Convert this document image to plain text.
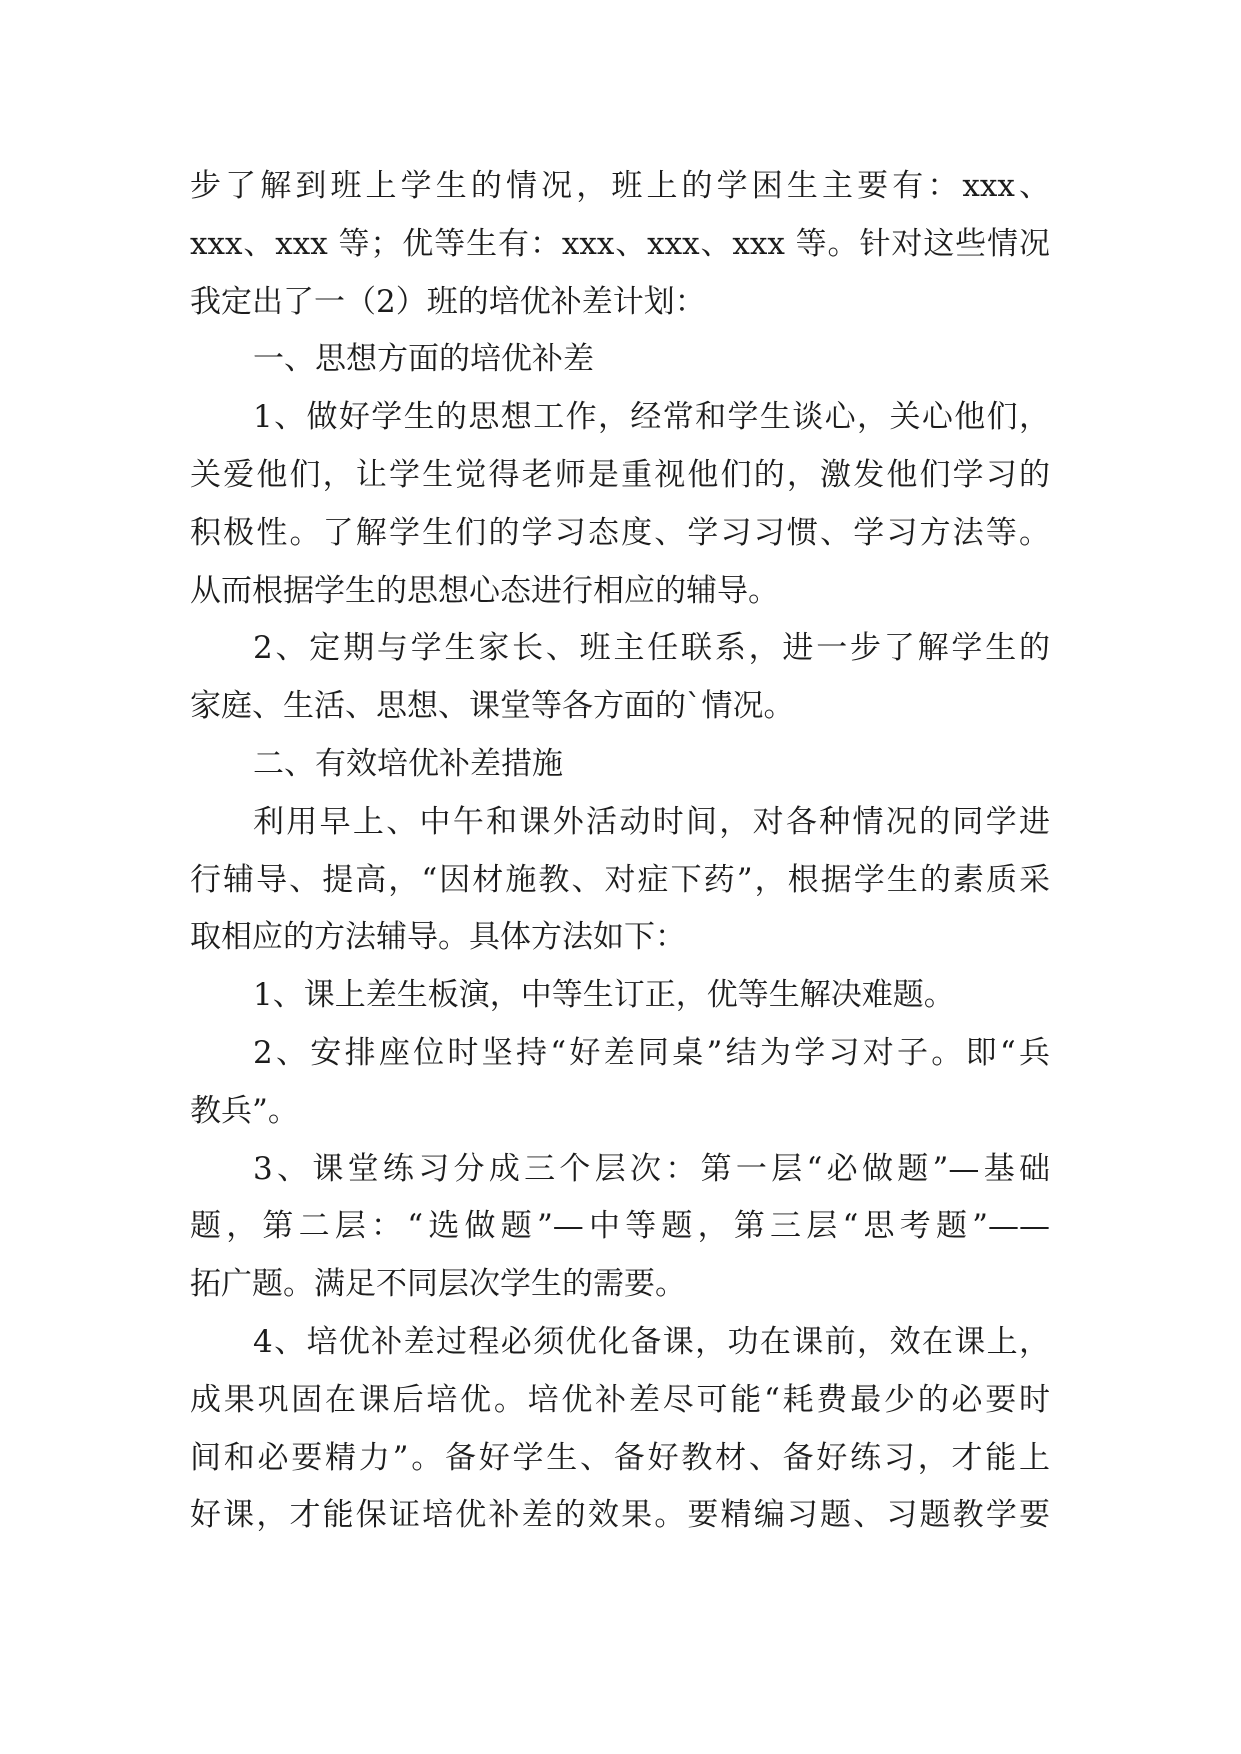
步了解到班上学生的情况，班上的学困生主要有：xxx、
xxx、xxx 等；优等生有：xxx、xxx、xxx 等。针对这些情况
我定出了一（2）班的培优补差计划：
一、思想方面的培优补差
1、做好学生的思想工作，经常和学生谈心，关心他们，
关爱他们，让学生觉得老师是重视他们的，激发他们学习的
积极性。了解学生们的学习态度、学习习惯、学习方法等。
从而根据学生的思想心态进行相应的辅导。
2、定期与学生家长、班主任联系，进一步了解学生的
家庭、生活、思想、课堂等各方面的`情况。
二、有效培优补差措施
利用早上、中午和课外活动时间，对各种情况的同学进
行辅导、提高，“因材施教、对症下药”，根据学生的素质采
取相应的方法辅导。具体方法如下：
1、课上差生板演，中等生订正，优等生解决难题。
2、安排座位时坚持“好差同桌”结为学习对子。即“兵
教兵”。
3、课堂练习分成三个层次：第一层“必做题”—基础
题，第二层：“选做题”—中等题，第三层“思考题”——
拓广题。满足不同层次学生的需要。
4、培优补差过程必须优化备课，功在课前，效在课上，
成果巩固在课后培优。培优补差尽可能“耗费最少的必要时
间和必要精力”。备好学生、备好教材、备好练习，才能上
好课，才能保证培优补差的效果。要精编习题、习题教学要
